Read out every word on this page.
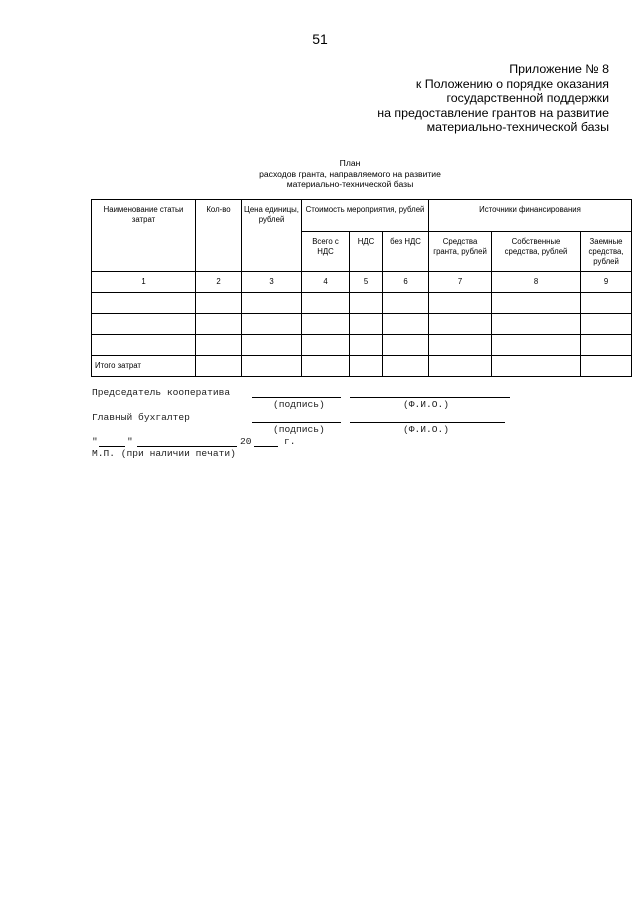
51
Приложение № 8
к Положению о порядке оказания
государственной поддержки
на предоставление грантов на развитие
материально-технической базы
План
расходов гранта, направляемого на развитие
материально-технической базы
Наименование статьи затрат	Кол-во	Цена единицы, рублей	Стоимость мероприятия, рублей			Источники финансирования		
			Всего с НДС	НДС	без НДС	Средства гранта, рублей	Собственные средства, рублей	Заемные средства, рублей
1	2	3	4	5	6	7	8	9

Итого затрат								
Председатель кооператива
(подпись)	(Ф.И.О.)
Главный бухгалтер
(подпись)	(Ф.И.О.)
"	"	20	г.
М.П. (при наличии печати)
